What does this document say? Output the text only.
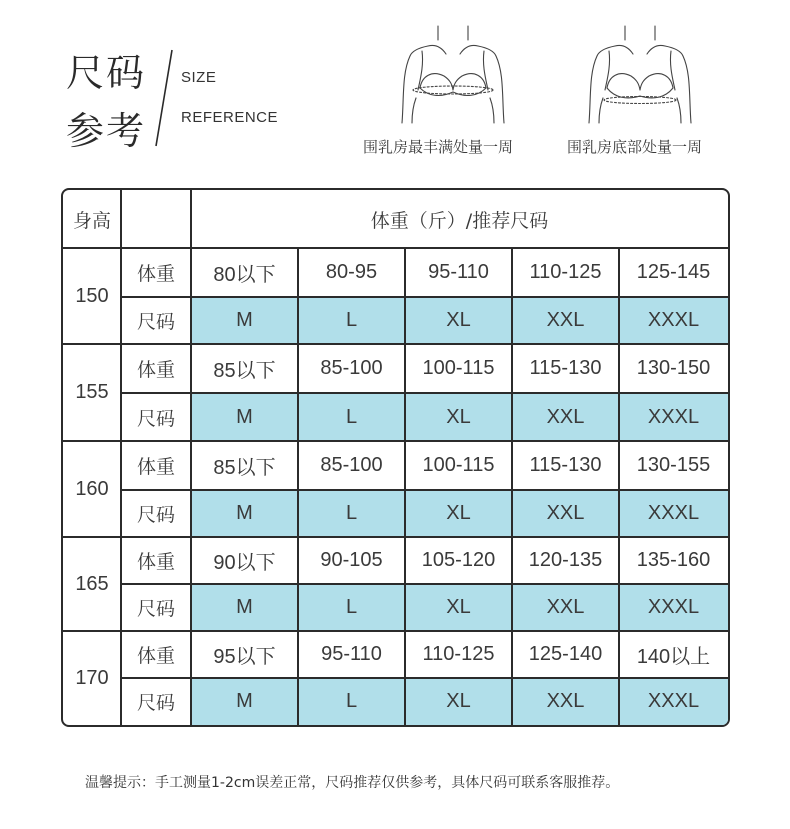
尺码
参考
SIZE
REFERENCE
围乳房最丰满处量一周	围乳房底部处量一周
身高	体重（斤）/推荐尺码
150
体重
尺码
80以下
M
80-95
L
95-110
XL
110-125
XXL
125-145
XXXL
155
体重
尺码
85以下
M
85-100
L
100-115
XL
115-130
XXL
130-150
XXXL
160
体重
尺码
85以下
M
85-100
L
100-115
XL
115-130
XXL
130-155
XXXL
165
体重
尺码
90以下
M
90-105
L
105-120
XL
120-135
XXL
135-160
XXXL
170
体重
尺码
95以下
M
95-110
L
110-125
XL
125-140
XXL
140以上
XXXL
温馨提示：手工测量1-2cm误差正常，尺码推荐仅供参考，具体尺码可联系客服推荐。
